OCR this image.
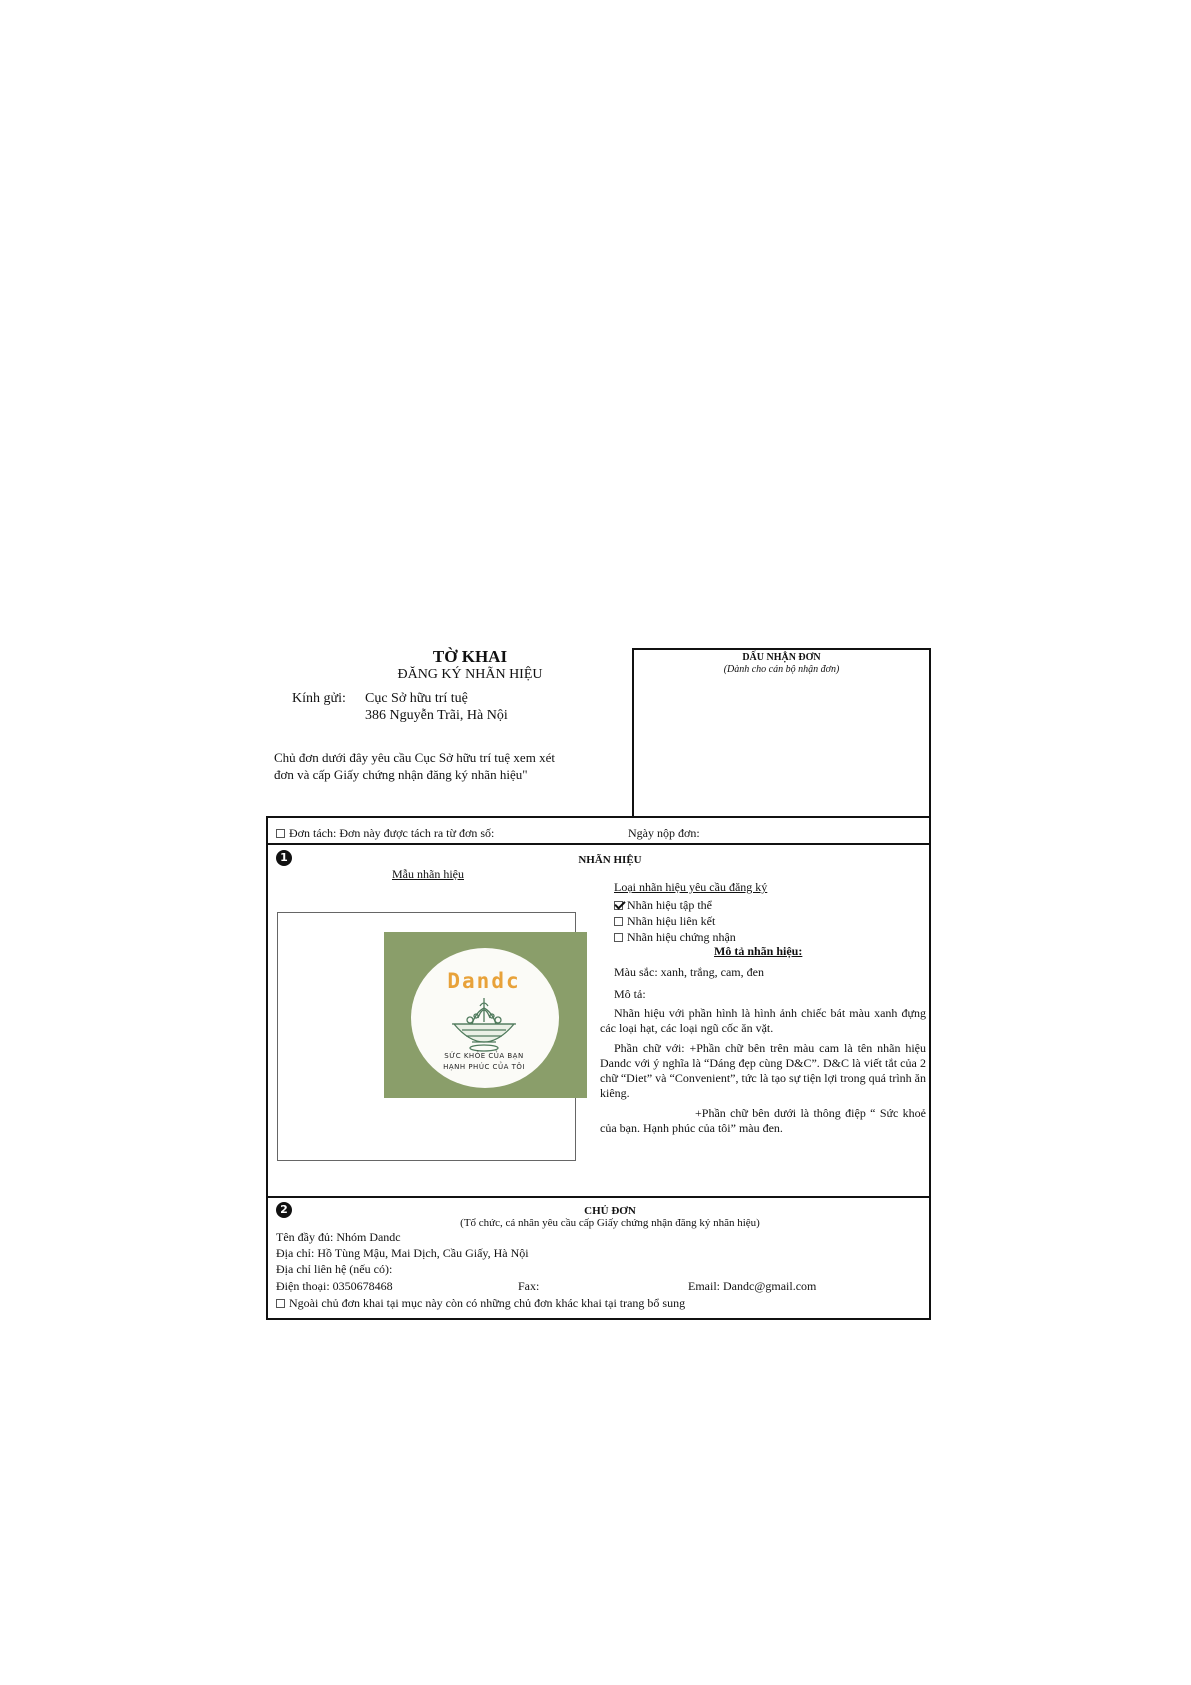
TỜ KHAI
ĐĂNG KÝ NHÃN HIỆU
Kính gửi: Cục Sở hữu trí tuệ
386 Nguyễn Trãi, Hà Nội
Chủ đơn dưới đây yêu cầu Cục Sở hữu trí tuệ xem xét
đơn và cấp Giấy chứng nhận đăng ký nhãn hiệu"
DẤU NHẬN ĐƠN
(Dành cho cán bộ nhận đơn)
Đơn tách: Đơn này được tách ra từ đơn số:	Ngày nộp đơn:
1	NHÃN HIỆU
Mẫu nhãn hiệu
Dandc
SỨC KHỎE CỦA BẠN
HẠNH PHÚC CỦA TÔI
Loại nhãn hiệu yêu cầu đăng ký
Nhãn hiệu tập thể
Nhãn hiệu liên kết
Nhãn hiệu chứng nhận
Mô tả nhãn hiệu:
Màu sắc: xanh, trắng, cam, đen
Mô tả:

Nhãn hiệu với phần hình là hình ảnh chiếc bát màu xanh đựng các loại hạt, các loại ngũ cốc ăn vặt.

Phần chữ với: +Phần chữ bên trên màu cam là tên nhãn hiệu Dandc với ý nghĩa là “Dáng đẹp cùng D&C”. D&C là viết tắt của 2 chữ “Diet” và “Convenient”, tức là tạo sự tiện lợi trong quá trình ăn kiêng.

+Phần chữ bên dưới là thông điệp “ Sức khoẻ của bạn. Hạnh phúc của tôi” màu đen.

2	CHỦ ĐƠN
(Tổ chức, cá nhân yêu cầu cấp Giấy chứng nhận đăng ký nhãn hiệu)
Tên đầy đủ: Nhóm Dandc
Địa chỉ: Hồ Tùng Mậu, Mai Dịch, Cầu Giấy, Hà Nội
Địa chỉ liên hệ (nếu có):
Điện thoại: 0350678468	Fax:	Email: Dandc@gmail.com
Ngoài chủ đơn khai tại mục này còn có những chủ đơn khác khai tại trang bổ sung
